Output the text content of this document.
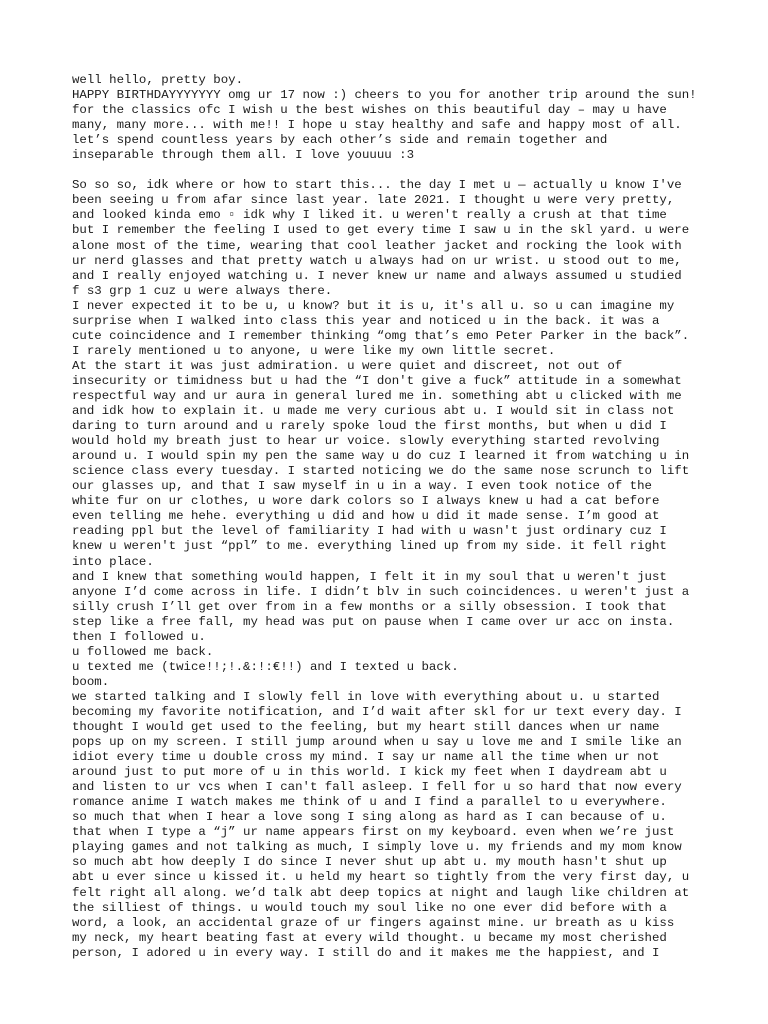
well hello, pretty boy.

HAPPY BIRTHDAYYYYYYY omg ur 17 now :) cheers to you for another trip around the sun!

for the classics ofc I wish u the best wishes on this beautiful day – may u have

many, many more... with me!! I hope u stay healthy and safe and happy most of all.

let’s spend countless years by each other’s side and remain together and

inseparable through them all. I love youuuu :3

So so so, idk where or how to start this... the day I met u — actually u know I've

been seeing u from afar since last year. late 2021. I thought u were very pretty,

and looked kinda emo ▫ idk why I liked it. u weren't really a crush at that time

but I remember the feeling I used to get every time I saw u in the skl yard. u were

alone most of the time, wearing that cool leather jacket and rocking the look with

ur nerd glasses and that pretty watch u always had on ur wrist. u stood out to me,

and I really enjoyed watching u. I never knew ur name and always assumed u studied

f s3 grp 1 cuz u were always there.

I never expected it to be u, u know? but it is u, it's all u. so u can imagine my

surprise when I walked into class this year and noticed u in the back. it was a

cute coincidence and I remember thinking “omg that’s emo Peter Parker in the back”.

I rarely mentioned u to anyone, u were like my own little secret.

At the start it was just admiration. u were quiet and discreet, not out of

insecurity or timidness but u had the “I don't give a fuck” attitude in a somewhat

respectful way and ur aura in general lured me in. something abt u clicked with me

and idk how to explain it. u made me very curious abt u. I would sit in class not

daring to turn around and u rarely spoke loud the first months, but when u did I

would hold my breath just to hear ur voice. slowly everything started revolving

around u. I would spin my pen the same way u do cuz I learned it from watching u in

science class every tuesday. I started noticing we do the same nose scrunch to lift

our glasses up, and that I saw myself in u in a way. I even took notice of the

white fur on ur clothes, u wore dark colors so I always knew u had a cat before

even telling me hehe. everything u did and how u did it made sense. I’m good at

reading ppl but the level of familiarity I had with u wasn't just ordinary cuz I

knew u weren't just “ppl” to me. everything lined up from my side. it fell right

into place.

and I knew that something would happen, I felt it in my soul that u weren't just

anyone I’d come across in life. I didn’t blv in such coincidences. u weren't just a

silly crush I’ll get over from in a few months or a silly obsession. I took that

step like a free fall, my head was put on pause when I came over ur acc on insta.

then I followed u.

u followed me back.

u texted me (twice!!;!.&:!:€!!) and I texted u back.

boom.

we started talking and I slowly fell in love with everything about u. u started

becoming my favorite notification, and I’d wait after skl for ur text every day. I

thought I would get used to the feeling, but my heart still dances when ur name

pops up on my screen. I still jump around when u say u love me and I smile like an

idiot every time u double cross my mind. I say ur name all the time when ur not

around just to put more of u in this world. I kick my feet when I daydream abt u

and listen to ur vcs when I can't fall asleep. I fell for u so hard that now every

romance anime I watch makes me think of u and I find a parallel to u everywhere.

so much that when I hear a love song I sing along as hard as I can because of u.

that when I type a “j” ur name appears first on my keyboard. even when we’re just

playing games and not talking as much, I simply love u. my friends and my mom know

so much abt how deeply I do since I never shut up abt u. my mouth hasn't shut up

abt u ever since u kissed it. u held my heart so tightly from the very first day, u

felt right all along. we’d talk abt deep topics at night and laugh like children at

the silliest of things. u would touch my soul like no one ever did before with a

word, a look, an accidental graze of ur fingers against mine. ur breath as u kiss

my neck, my heart beating fast at every wild thought. u became my most cherished

person, I adored u in every way. I still do and it makes me the happiest, and I
